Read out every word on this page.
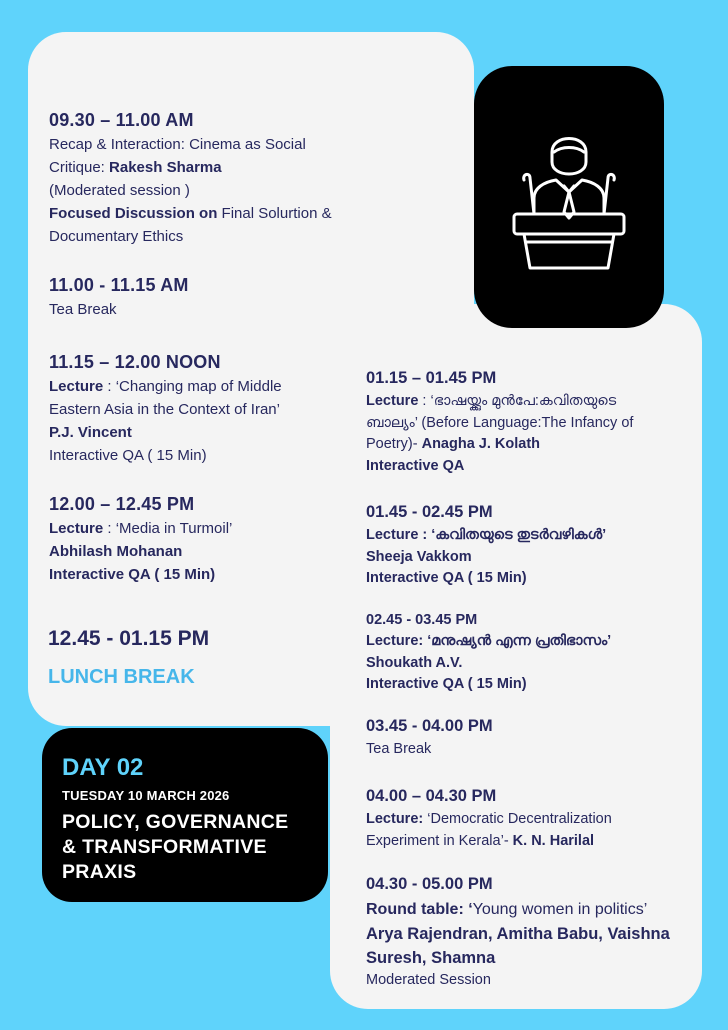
09.30 – 11.00 AM
Recap & Interaction: Cinema as Social
Critique: Rakesh Sharma
(Moderated session )
Focused Discussion on Final Solurtion &
Documentary Ethics
11.00 - 11.15 AM
Tea Break
11.15 – 12.00 NOON
Lecture : ‘Changing map of Middle
Eastern Asia in the Context of Iran’
P.J. Vincent
Interactive QA ( 15 Min)
12.00 – 12.45 PM
Lecture : ‘Media in Turmoil’
Abhilash Mohanan
Interactive QA ( 15 Min)
12.45 - 01.15 PM
LUNCH BREAK
01.15 – 01.45 PM
Lecture : ‘ഭാഷയ്ക്കും മുൻപേ:കവിതയുടെ
ബാല്യം’ (Before Language:The Infancy of
Poetry)- Anagha J. Kolath
Interactive QA
01.45 - 02.45 PM
Lecture : ‘കവിതയുടെ തുടർവഴികൾ’
Sheeja Vakkom
Interactive QA ( 15 Min)
02.45 - 03.45 PM
Lecture: ‘മനുഷ്യൻ എന്ന പ്രതിഭാസം’
Shoukath A.V.
Interactive QA ( 15 Min)
03.45 - 04.00 PM
Tea Break
04.00 – 04.30 PM
Lecture: ‘Democratic Decentralization
Experiment in Kerala’- K. N. Harilal
04.30 - 05.00 PM
Round table: ‘Young women in politics’
Arya Rajendran, Amitha Babu, Vaishna
Suresh, Shamna
Moderated Session
DAY 02
TUESDAY 10 MARCH 2026
POLICY, GOVERNANCE
& TRANSFORMATIVE
PRAXIS
